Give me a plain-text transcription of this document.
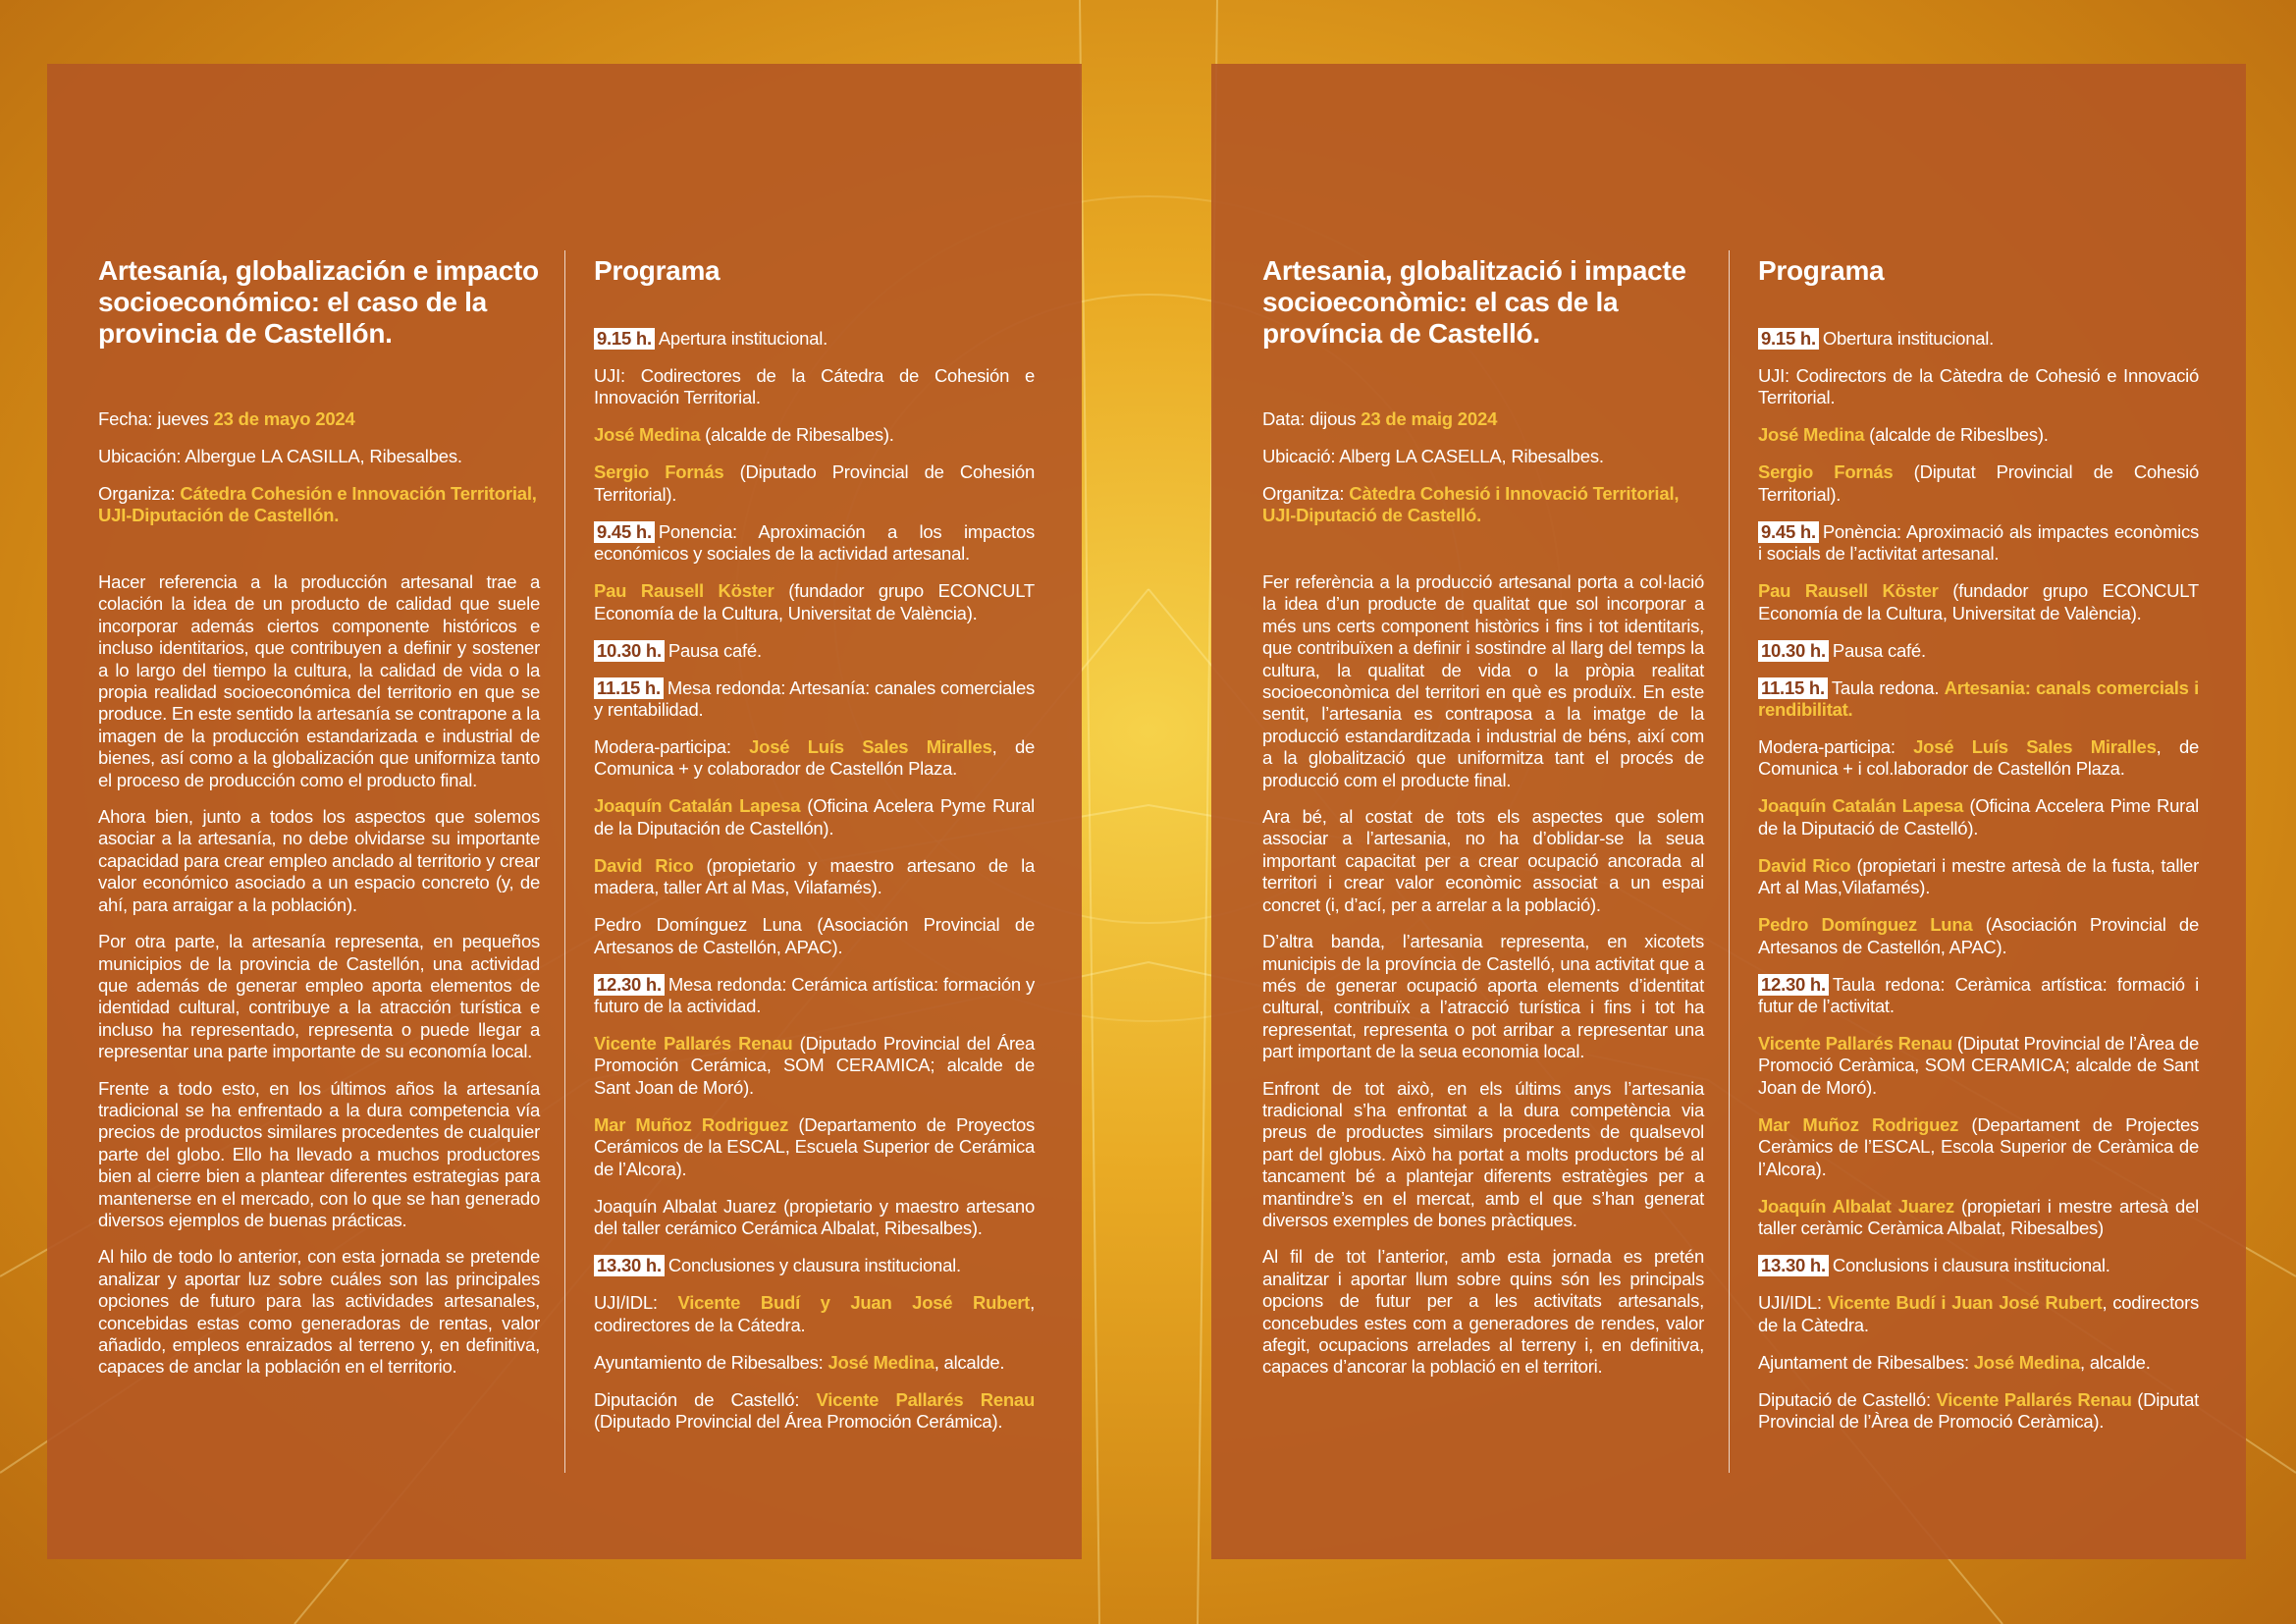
Artesanía, globalización e impacto socioeconómico: el caso de la provincia de Castellón.

Fecha: jueves 23 de mayo 2024

Ubicación: Albergue LA CASILLA, Ribesalbes.

Organiza: Cátedra Cohesión e Innovación Territorial, UJI-Diputación de Castellón.

Hacer referencia a la producción artesanal trae a colación la idea de un producto de calidad que suele incorporar además ciertos componente históricos e incluso identitarios, que contribuyen a definir y sostener a lo largo del tiempo la cultura, la calidad de vida o la propia realidad socioeconómica del territorio en que se produce. En este sentido la artesanía se contrapone a la imagen de la producción estandarizada e industrial de bienes, así como a la globalización que uniformiza tanto el proceso de producción como el producto final.

Ahora bien, junto a todos los aspectos que solemos asociar a la artesanía, no debe olvidarse su importante capacidad para crear empleo anclado al territorio y crear valor económico asociado a un espacio concreto (y, de ahí, para arraigar a la población).

Por otra parte, la artesanía representa, en pequeños municipios de la provincia de Castellón, una actividad que además de generar empleo aporta elementos de identidad cultural, contribuye a la atracción turística e incluso ha representado, representa o puede llegar a representar una parte importante de su economía local.

Frente a todo esto, en los últimos años la artesanía tradicional se ha enfrentado a la dura competencia vía precios de productos similares procedentes de cualquier parte del globo. Ello ha llevado a muchos productores bien al cierre bien a plantear diferentes estrategias para mantenerse en el mercado, con lo que se han generado diversos ejemplos de buenas prácticas.

Al hilo de todo lo anterior, con esta jornada se pretende analizar y aportar luz sobre cuáles son las principales opciones de futuro para las actividades artesanales, concebidas estas como generadoras de rentas, valor añadido, empleos enraizados al terreno y, en definitiva, capaces de anclar la población en el territorio.

Programa

9.15 h. Apertura institucional.

UJI: Codirectores de la Cátedra de Cohesión e Innovación Territorial.

José Medina (alcalde de Ribesalbes).

Sergio Fornás (Diputado Provincial de Cohesión Territorial).

9.45 h. Ponencia: Aproximación a los impactos económicos y sociales de la actividad artesanal.

Pau Rausell Köster (fundador grupo ECONCULT Economía de la Cultura, Universitat de València).

10.30 h. Pausa café.

11.15 h. Mesa redonda: Artesanía: canales comerciales y rentabilidad.

Modera-participa: José Luís Sales Miralles, de Comunica + y colaborador de Castellón Plaza.

Joaquín Catalán Lapesa (Oficina Acelera Pyme Rural de la Diputación de Castellón).

David Rico (propietario y maestro artesano de la madera, taller Art al Mas, Vilafamés).

Pedro Domínguez Luna (Asociación Provincial de Artesanos de Castellón, APAC).

12.30 h. Mesa redonda: Cerámica artística: formación y futuro de la actividad.

Vicente Pallarés Renau (Diputado Provincial del Área Promoción Cerámica, SOM CERAMICA; alcalde de Sant Joan de Moró).

Mar Muñoz Rodriguez (Departamento de Proyectos Cerámicos de la ESCAL, Escuela Superior de Cerámica de l’Alcora).

Joaquín Albalat Juarez (propietario y maestro artesano del taller cerámico Cerámica Albalat, Ribesalbes).

13.30 h. Conclusiones y clausura institucional.

UJI/IDL: Vicente Budí y Juan José Rubert, codirectores de la Cátedra.

Ayuntamiento de Ribesalbes: José Medina, alcalde.

Diputación de Castelló: Vicente Pallarés Renau (Diputado Provincial del Área Promoción Cerámica).

Artesania, globalització i impacte socioeconòmic: el cas de la província de Castelló.

Data: dijous 23 de maig 2024

Ubicació: Alberg LA CASELLA, Ribesalbes.

Organitza: Càtedra Cohesió i Innovació Territorial, UJI-Diputació de Castelló.

Fer referència a la producció artesanal porta a col·lació la idea d’un producte de qualitat que sol incorporar a més uns certs component històrics i fins i tot identitaris, que contribuïxen a definir i sostindre al llarg del temps la cultura, la qualitat de vida o la pròpia realitat socioeconòmica del territori en què es produïx. En este sentit, l’artesania es contraposa a la imatge de la producció estandarditzada i industrial de béns, així com a la globalització que uniformitza tant el procés de producció com el producte final.

Ara bé, al costat de tots els aspectes que solem associar a l’artesania, no ha d’oblidar-se la seua important capacitat per a crear ocupació ancorada al territori i crear valor econòmic associat a un espai concret (i, d’ací, per a arrelar a la població).

D’altra banda, l’artesania representa, en xicotets municipis de la província de Castelló, una activitat que a més de generar ocupació aporta elements d’identitat cultural, contribuïx a l’atracció turística i fins i tot ha representat, representa o pot arribar a representar una part important de la seua economia local.

Enfront de tot això, en els últims anys l’artesania tradicional s’ha enfrontat a la dura competència via preus de productes similars procedents de qualsevol part del globus. Això ha portat a molts productors bé al tancament bé a plantejar diferents estratègies per a mantindre’s en el mercat, amb el que s’han generat diversos exemples de bones pràctiques.

Al fil de tot l’anterior, amb esta jornada es pretén analitzar i aportar llum sobre quins són les principals opcions de futur per a les activitats artesanals, concebudes estes com a generadores de rendes, valor afegit, ocupacions arrelades al terreny i, en definitiva, capaces d’ancorar la població en el territori.

Programa

9.15 h. Obertura institucional.

UJI: Codirectors de la Càtedra de Cohesió e Innovació Territorial.

José Medina (alcalde de Ribeslbes).

Sergio Fornás (Diputat Provincial de Cohesió Territorial).

9.45 h. Ponència: Aproximació als impactes econòmics i socials de l’activitat artesanal.

Pau Rausell Köster (fundador grupo ECONCULT Economía de la Cultura, Universitat de València).

10.30 h. Pausa café.

11.15 h. Taula redona. Artesania: canals comercials i rendibilitat.

Modera-participa: José Luís Sales Miralles, de Comunica + i col.laborador de Castellón Plaza.

Joaquín Catalán Lapesa (Oficina Accelera Pime Rural de la Diputació de Castelló).

David Rico (propietari i mestre artesà de la fusta, taller Art al Mas,Vilafamés).

Pedro Domínguez Luna (Asociación Provincial de Artesanos de Castellón, APAC).

12.30 h. Taula redona: Ceràmica artística: formació i futur de l’activitat.

Vicente Pallarés Renau (Diputat Provincial de l’Àrea de Promoció Ceràmica, SOM CERAMICA; alcalde de Sant Joan de Moró).

Mar Muñoz Rodriguez (Departament de Projectes Ceràmics de l’ESCAL, Escola Superior de Ceràmica de l’Alcora).

Joaquín Albalat Juarez (propietari i mestre artesà del taller ceràmic Ceràmica Albalat, Ribesalbes)

13.30 h. Conclusions i clausura institucional.

UJI/IDL: Vicente Budí i Juan José Rubert, codirectors de la Càtedra.

Ajuntament de Ribesalbes: José Medina, alcalde.

Diputació de Castelló: Vicente Pallarés Renau (Diputat Provincial de l’Àrea de Promoció Ceràmica).
